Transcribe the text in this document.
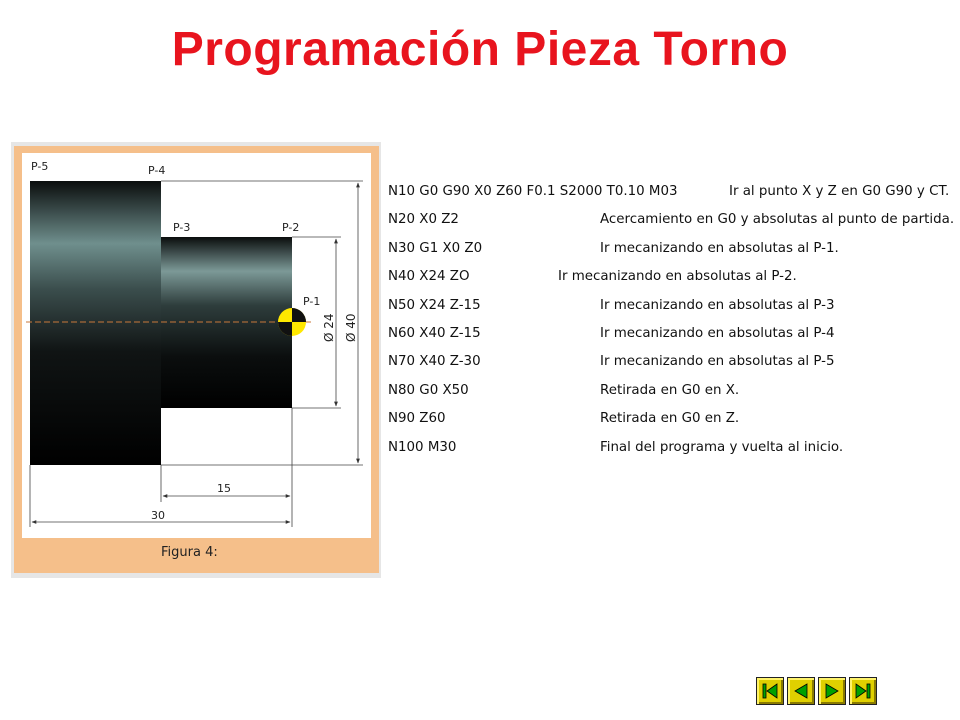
Programación Pieza Torno
P-5	P-4
P-3	P-2
P-1
Ø 24 Ø 40
15
30
Figura 4:
N10 G0 G90 X0 Z60 F0.1 S2000 T0.10 M03	Ir al punto X y Z en G0 G90 y CT.
N20 X0 Z2	Acercamiento en G0 y absolutas al punto de partida.
N30 G1 X0 Z0	Ir mecanizando en absolutas al P-1.
N40 X24 ZO	Ir mecanizando en absolutas al P-2.
N50 X24 Z-15	Ir mecanizando en absolutas al P-3
N60 X40 Z-15	Ir mecanizando en absolutas al P-4
N70 X40 Z-30	Ir mecanizando en absolutas al P-5
N80 G0 X50	Retirada en G0 en X.
N90 Z60	Retirada en G0 en Z.
N100 M30	Final del programa y vuelta al inicio.
